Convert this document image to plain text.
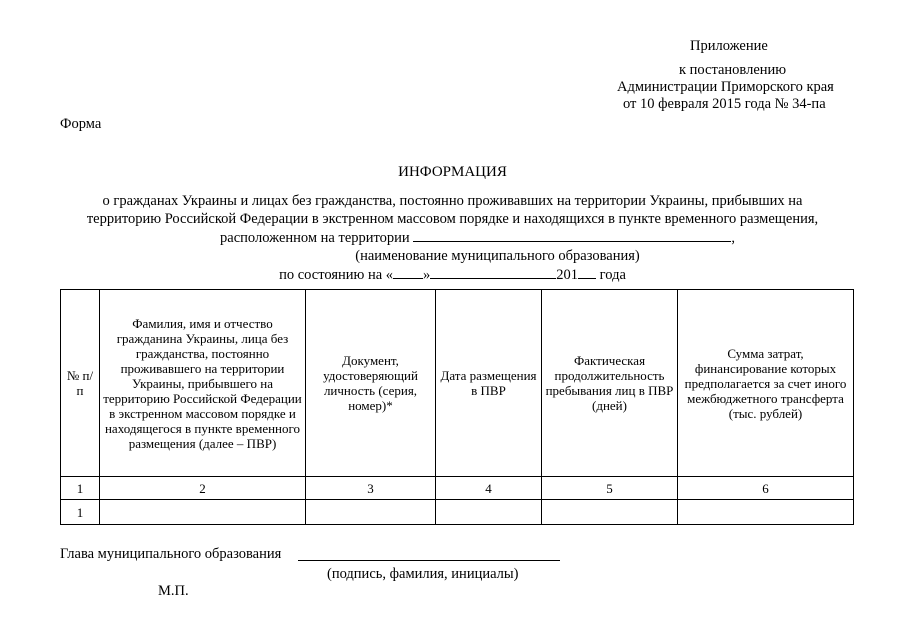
Приложение
к постановлению
Администрации Приморского края
от 10 февраля 2015 года № 34-па
Форма
ИНФОРМАЦИЯ
о гражданах Украины и лицах без гражданства, постоянно проживавших на территории Украины, прибывших на
территорию Российской Федерации в экстренном массовом порядке и находящихся в пункте временного размещения,
расположенном на территории	,
(наименование муниципального образования)
по состоянию на « »	201 года
№ п/п	Фамилия, имя и отчество гражданина Украины, лица без гражданства, постоянно проживавшего на территории Украины, прибывшего на территорию Российской Федерации в экстренном массовом порядке и находящегося в пункте временного размещения (далее – ПВР)	Документ, удостоверяющий личность (серия, номер)*	Дата размещения в ПВР	Фактическая продолжительность пребывания лиц в ПВР (дней)	Сумма затрат, финансирование которых предполагается за счет иного межбюджетного трансферта (тыс. рублей)
1	2	3	4	5	6
1					
Глава муниципального образования
(подпись, фамилия, инициалы)
М.П.
